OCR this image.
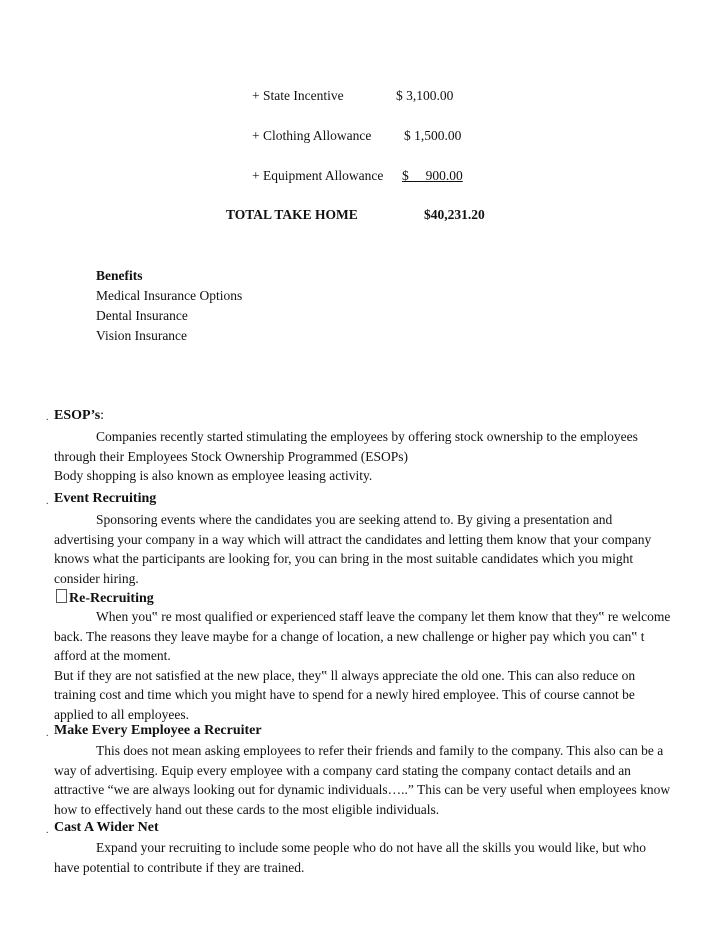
+ State Incentive	$ 3,100.00
+ Clothing Allowance $ 1,500.00
+ Equipment Allowance $     900.00
TOTAL TAKE HOME	$40,231.20
Benefits
Medical Insurance Options
Dental Insurance
Vision Insurance
. ESOP’s:
Companies recently started stimulating the employees by offering stock ownership to the employees through their Employees Stock Ownership Programmed (ESOPs)
Body shopping is also known as employee leasing activity.
. Event Recruiting
Sponsoring events where the candidates you are seeking attend to. By giving a presentation and advertising your company in a way which will attract the candidates and letting them know that your company knows what the participants are looking for, you can bring in the most suitable candidates which you might consider hiring.
Re-Recruiting
When you‟ re most qualified or experienced staff leave the company let them know that they‟ re welcome back. The reasons they leave maybe for a change of location, a new challenge or higher pay which you can‟ t afford at the moment.
But if they are not satisfied at the new place, they‟ ll always appreciate the old one. This can also reduce on training cost and time which you might have to spend for a newly hired employee. This of course cannot be applied to all employees.
. Make Every Employee a Recruiter
This does not mean asking employees to refer their friends and family to the company. This also can be a way of advertising. Equip every employee with a company card stating the company contact details and an attractive “we are always looking out for dynamic individuals…..” This can be very useful when employees know how to effectively hand out these cards to the most eligible individuals.
. Cast A Wider Net
Expand your recruiting to include some people who do not have all the skills you would like, but who have potential to contribute if they are trained.
